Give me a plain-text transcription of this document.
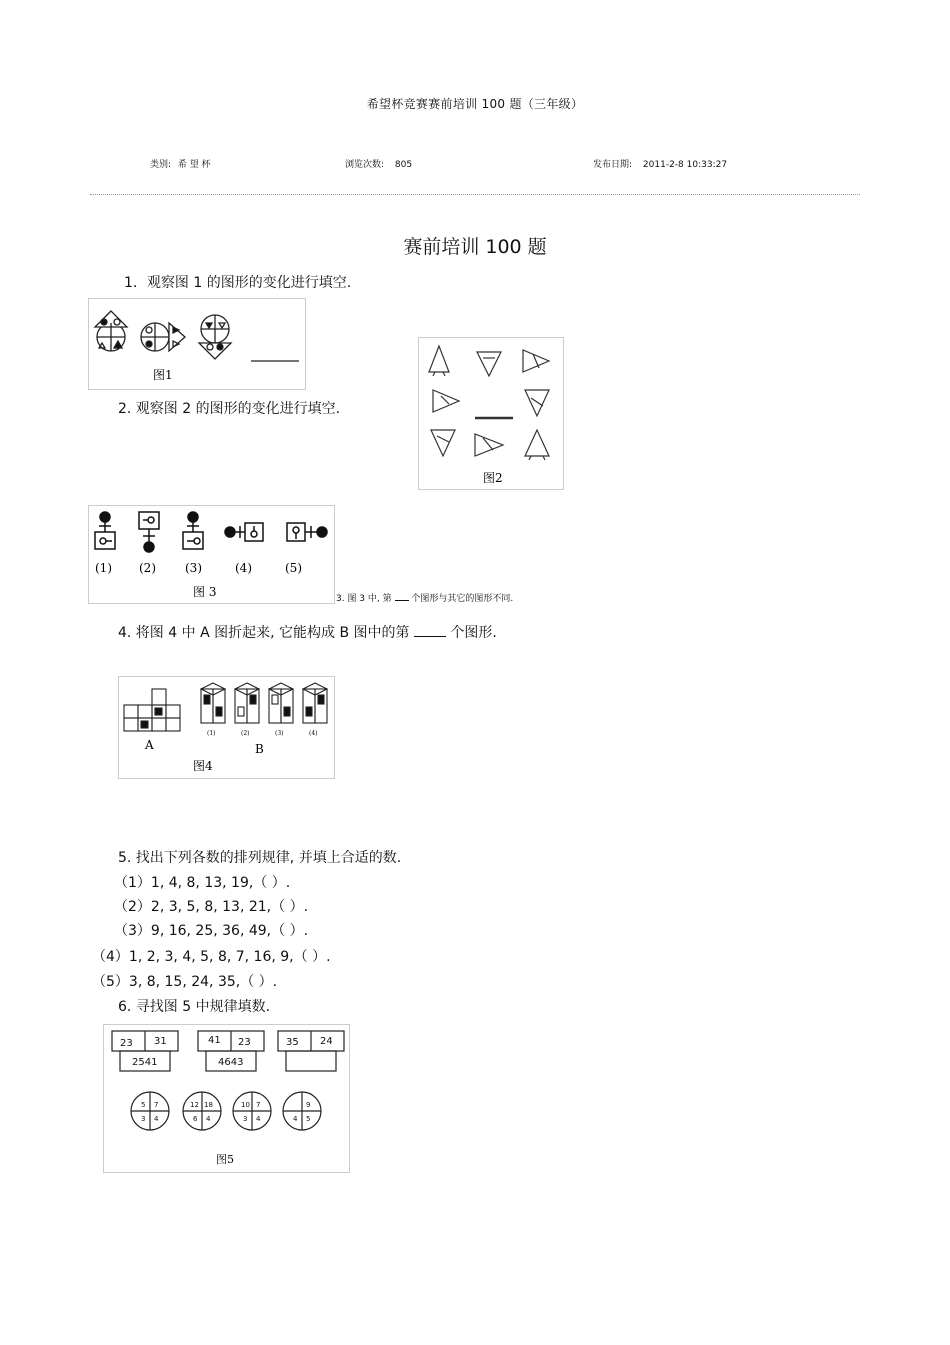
希望杯竞赛赛前培训 100 题（三年级）
类别: 希 望 杯	浏览次数: 805	发布日期: 2011-2-8 10:33:27
赛前培训 100 题
1．观察图 1 的图形的变化进行填空.
图1
2. 观察图 2 的图形的变化进行填空.
图2
(1) (2) (3)	(4)	(5)
图 3	3. 图 3 中, 第 个图形与其它的图形不同.
4. 将图 4 中 A 图折起来, 它能构成 B 图中的第	个图形.
A	B
(1)	(2)	(3)	(4)
图4
5. 找出下列各数的排列规律, 并填上合适的数.
（1）1, 4, 8, 13, 19,（ ）.
（2）2, 3, 5, 8, 13, 21,（ ）.
（3）9, 16, 25, 36, 49,（ ）.
（4）1, 2, 3, 4, 5, 8, 7, 16, 9,（ ）.
（5）3, 8, 15, 24, 35,（ ）.
6. 寻找图 5 中规律填数.
23 31
2541
41 23
4643
35 24
5 7
3 4
12 18
6 4
10 7
3 4
9
4 5
图5
